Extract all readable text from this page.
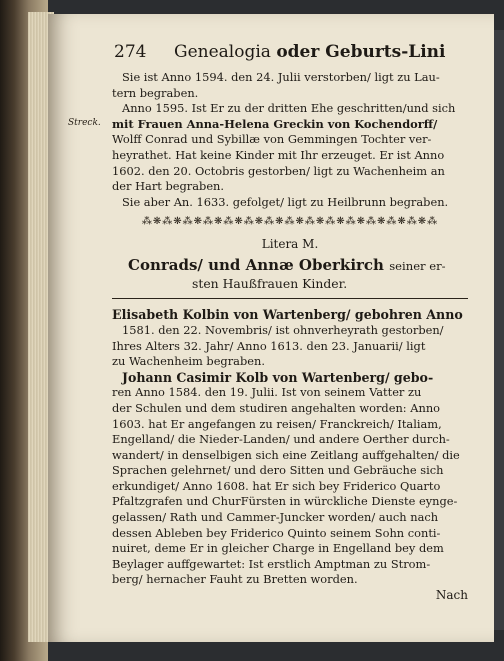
274 Genealogia oder Geburts-Lini
Sie ist Anno 1594. den 24. Julii verstorben/ ligt zu Lau-
tern begraben.
Anno 1595. Ist Er zu der dritten Ehe geschritten/und sich
Streck. mit Frauen Anna-Helena Greckin von Kochendorff/
Wolff Conrad und Sybillæ von Gemmingen Tochter ver-
heyrathet. Hat keine Kinder mit Ihr erzeuget. Er ist Anno
1602. den 20. Octobris gestorben/ ligt zu Wachenheim an
der Hart begraben.
Sie aber An. 1633. gefolget/ ligt zu Heilbrunn begraben.
⁂❋⁂❋⁂❋⁂❋⁂❋⁂❋⁂❋⁂❋⁂❋⁂❋⁂❋⁂❋⁂❋⁂❋⁂
Litera M.
Conrads/ und Annæ Oberkirch seiner er-
sten Haußfrauen Kinder.
Elisabeth Kolbin von Wartenberg/ gebohren Anno
1581. den 22. Novembris/ ist ohnverheyrath gestorben/
Ihres Alters 32. Jahr/ Anno 1613. den 23. Januarii/ ligt
zu Wachenheim begraben.
Johann Casimir Kolb von Wartenberg/ gebo-
ren Anno 1584. den 19. Julii. Ist von seinem Vatter zu
der Schulen und dem studiren angehalten worden: Anno
1603. hat Er angefangen zu reisen/ Franckreich/ Italiam,
Engelland/ die Nieder-Landen/ und andere Oerther durch-
wandert/ in denselbigen sich eine Zeitlang auffgehalten/ die
Sprachen gelehrnet/ und dero Sitten und Gebräuche sich
erkundiget/ Anno 1608. hat Er sich bey Friderico Quarto
Pfaltzgrafen und ChurFürsten in würckliche Dienste eynge-
gelassen/ Rath und Cammer-Juncker worden/ auch nach
dessen Ableben bey Friderico Quinto seinem Sohn conti-
nuiret, deme Er in gleicher Charge in Engelland bey dem
Beylager auffgewartet: Ist erstlich Amptman zu Strom-
berg/ hernacher Fauht zu Bretten worden.
Nach
